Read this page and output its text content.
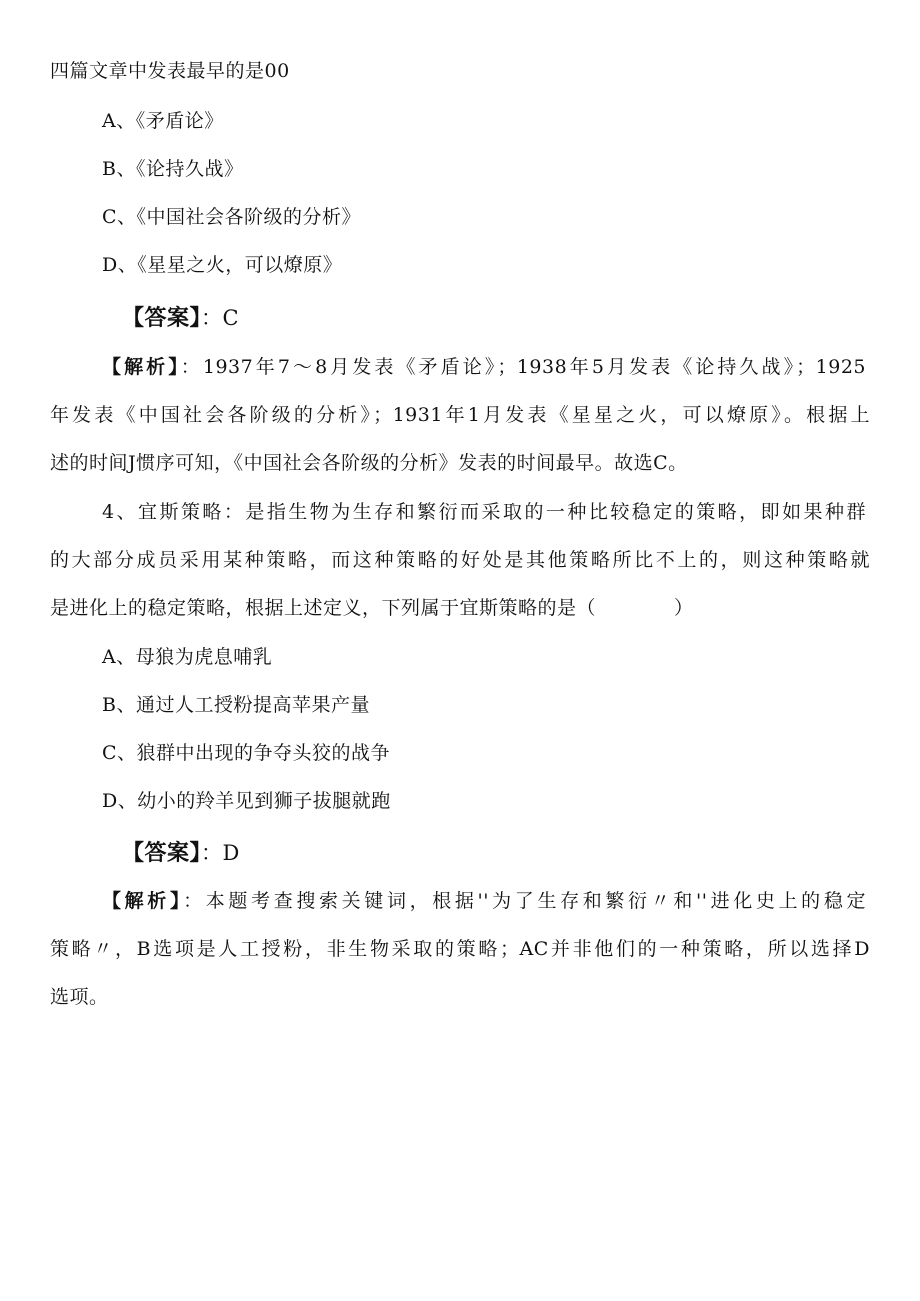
四篇文章中发表最早的是00
A、《矛盾论》
B、《论持久战》
C、《中国社会各阶级的分析》
D、《星星之火，可以燎原》
【答案】：C
【解析】：1937年7～8月发表《矛盾论》；1938年5月发表《论持久战》；1925
年发表《中国社会各阶级的分析》；1931年1月发表《星星之火，可以燎原》。根据上
述的时间J惯序可知，《中国社会各阶级的分析》发表的时间最早。故选C。
4、宜斯策略：是指生物为生存和繁衍而采取的一种比较稳定的策略，即如果种群
的大部分成员采用某种策略，而这种策略的好处是其他策略所比不上的，则这种策略就
是进化上的稳定策略，根据上述定义，下列属于宜斯策略的是（　　　　）
A、母狼为虎息哺乳
B、通过人工授粉提高苹果产量
C、狼群中出现的争夺头狡的战争
D、幼小的羚羊见到狮子拔腿就跑
【答案】：D
【解析】：本题考查搜索关键词，根据''为了生存和繁衍〃和''进化史上的稳定
策略〃，B选项是人工授粉，非生物采取的策略；AC并非他们的一种策略，所以选择D
选项。
